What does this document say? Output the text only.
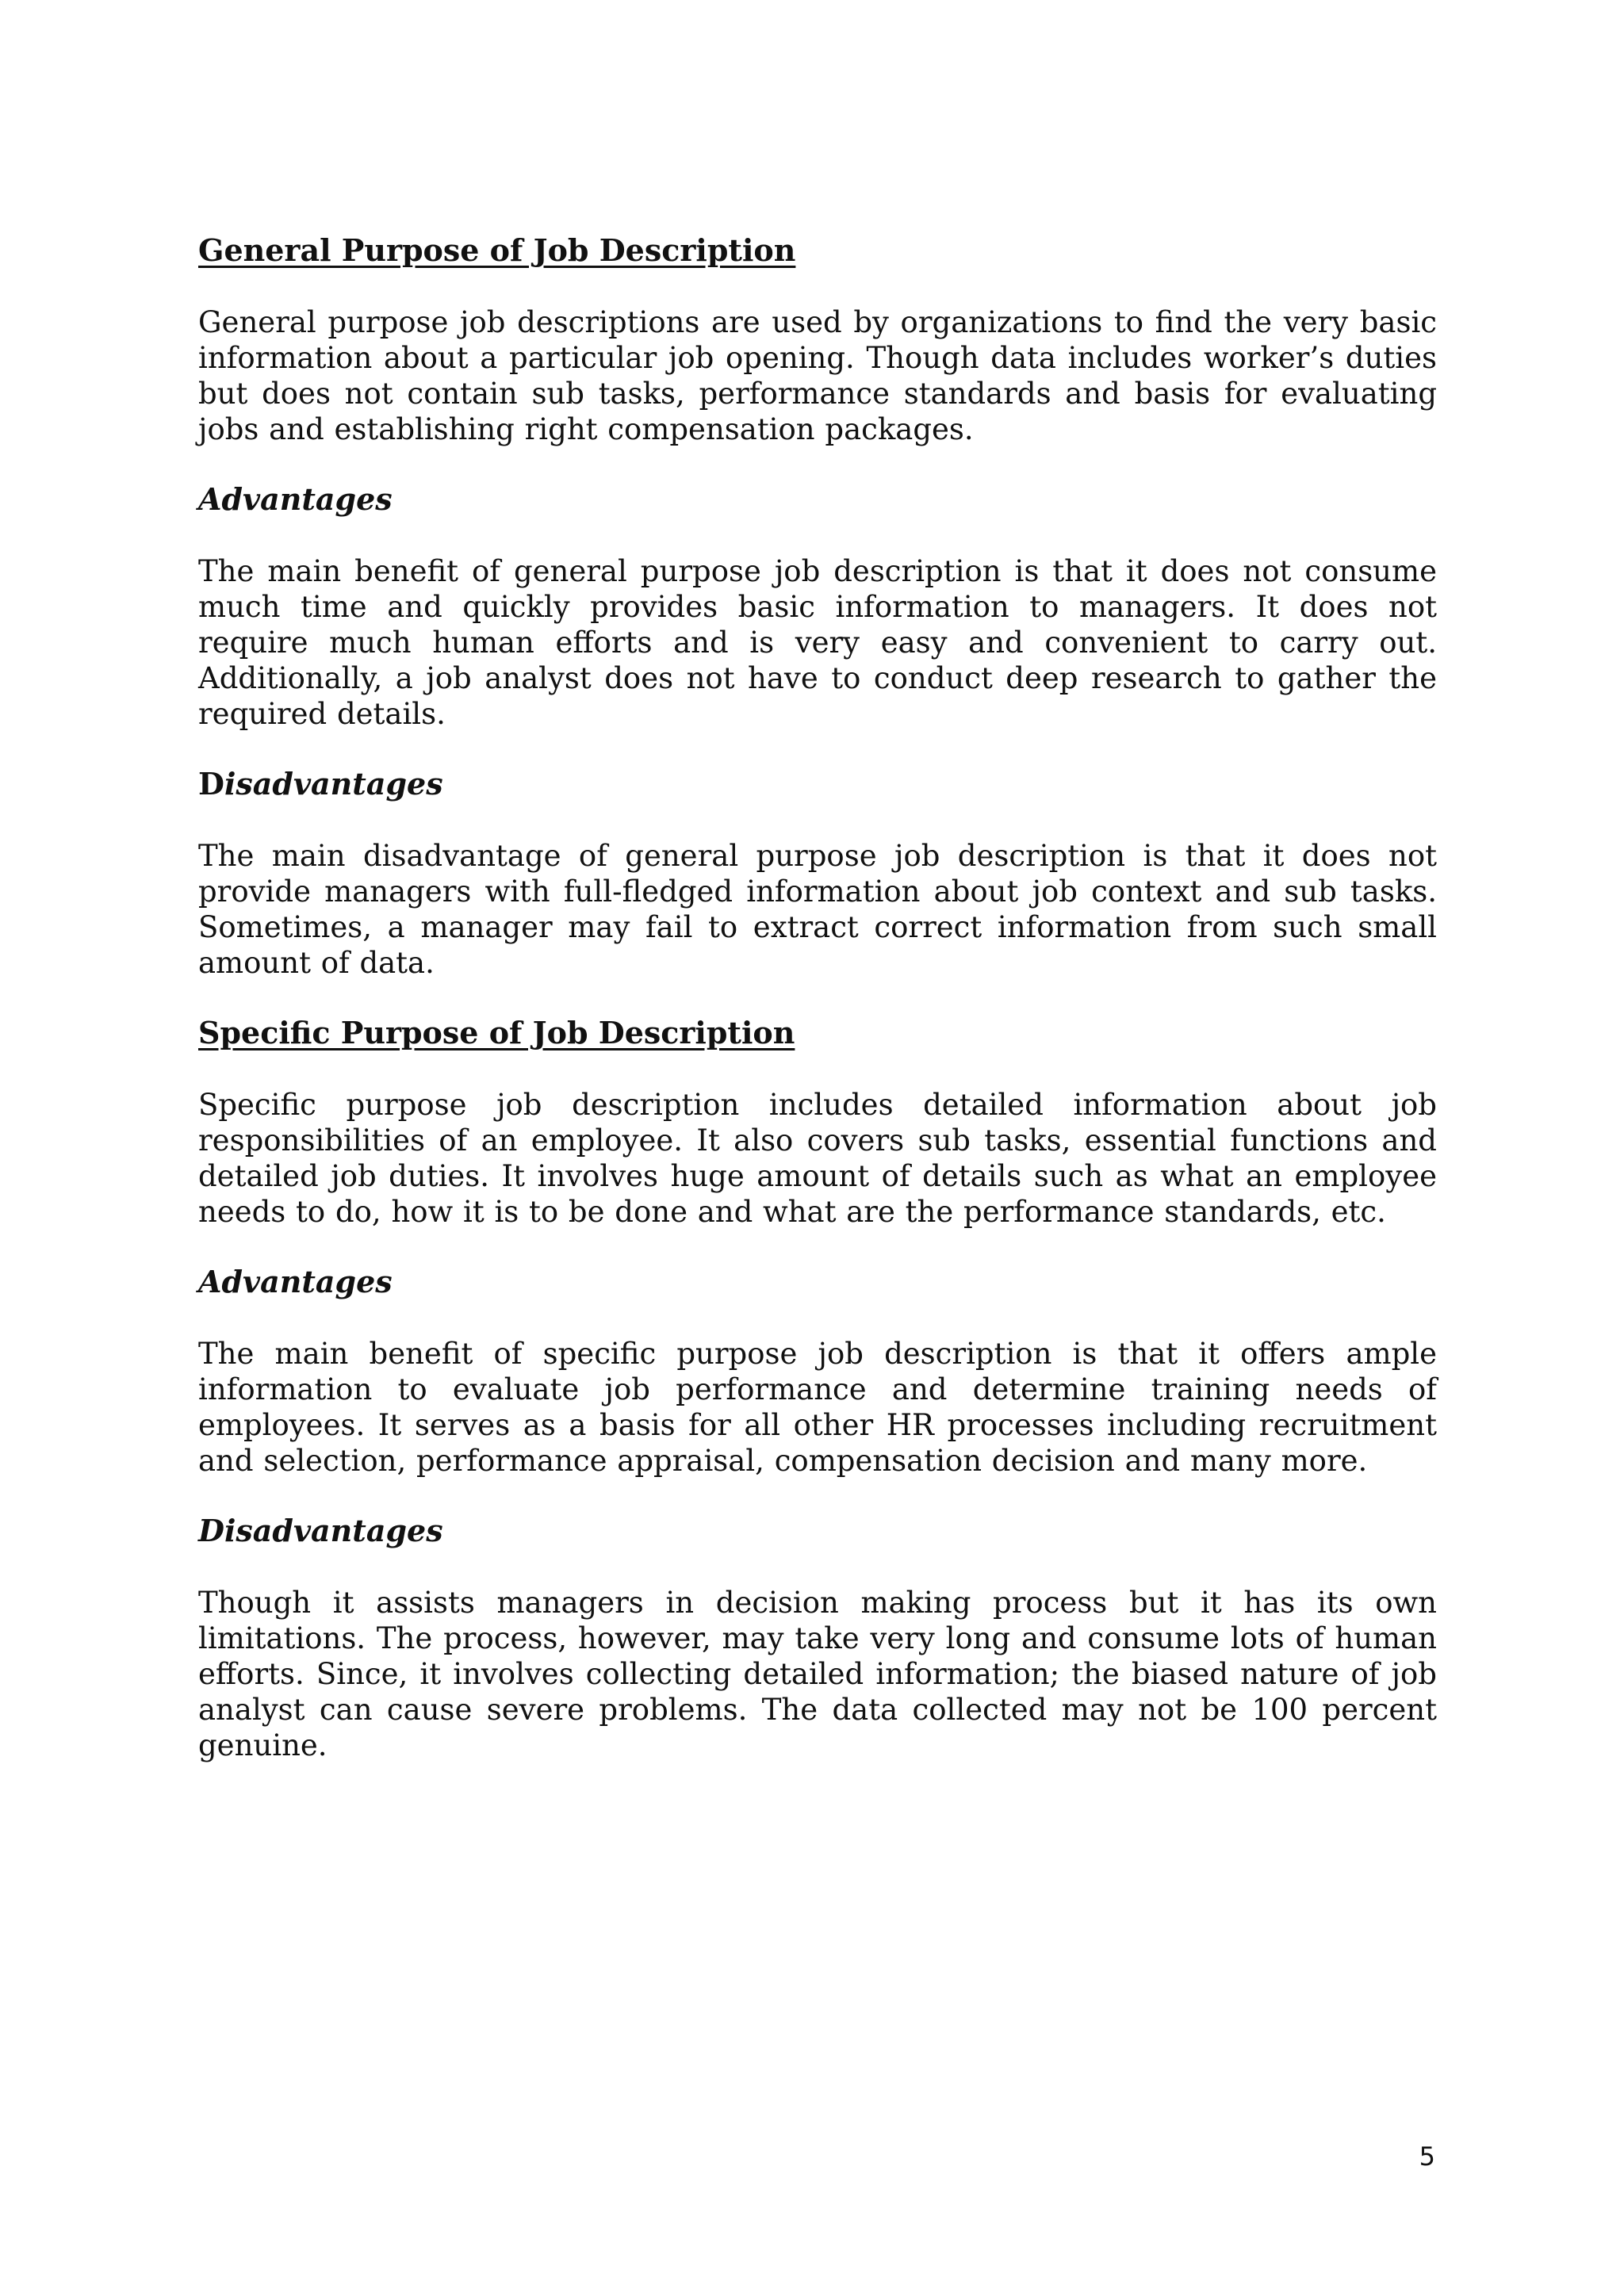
General Purpose of Job Description

General purpose job descriptions are used by organizations to find the very basic information about a particular job opening. Though data includes worker’s duties but does not contain sub tasks, performance standards and basis for evaluating jobs and establishing right compensation packages.

Advantages

The main benefit of general purpose job description is that it does not consume much time and quickly provides basic information to managers. It does not require much human efforts and is very easy and convenient to carry out. Additionally, a job analyst does not have to conduct deep research to gather the required details.

Disadvantages

The main disadvantage of general purpose job description is that it does not provide managers with full-fledged information about job context and sub tasks. Sometimes, a manager may fail to extract correct information from such small amount of data.

Specific Purpose of Job Description

Specific purpose job description includes detailed information about job responsibilities of an employee. It also covers sub tasks, essential functions and detailed job duties. It involves huge amount of details such as what an employee needs to do, how it is to be done and what are the performance standards, etc.

Advantages

The main benefit of specific purpose job description is that it offers ample information to evaluate job performance and determine training needs of employees. It serves as a basis for all other HR processes including recruitment and selection, performance appraisal, compensation decision and many more.

Disadvantages

Though it assists managers in decision making process but it has its own limitations. The process, however, may take very long and consume lots of human efforts. Since, it involves collecting detailed information; the biased nature of job analyst can cause severe problems. The data collected may not be 100 percent genuine.

5
